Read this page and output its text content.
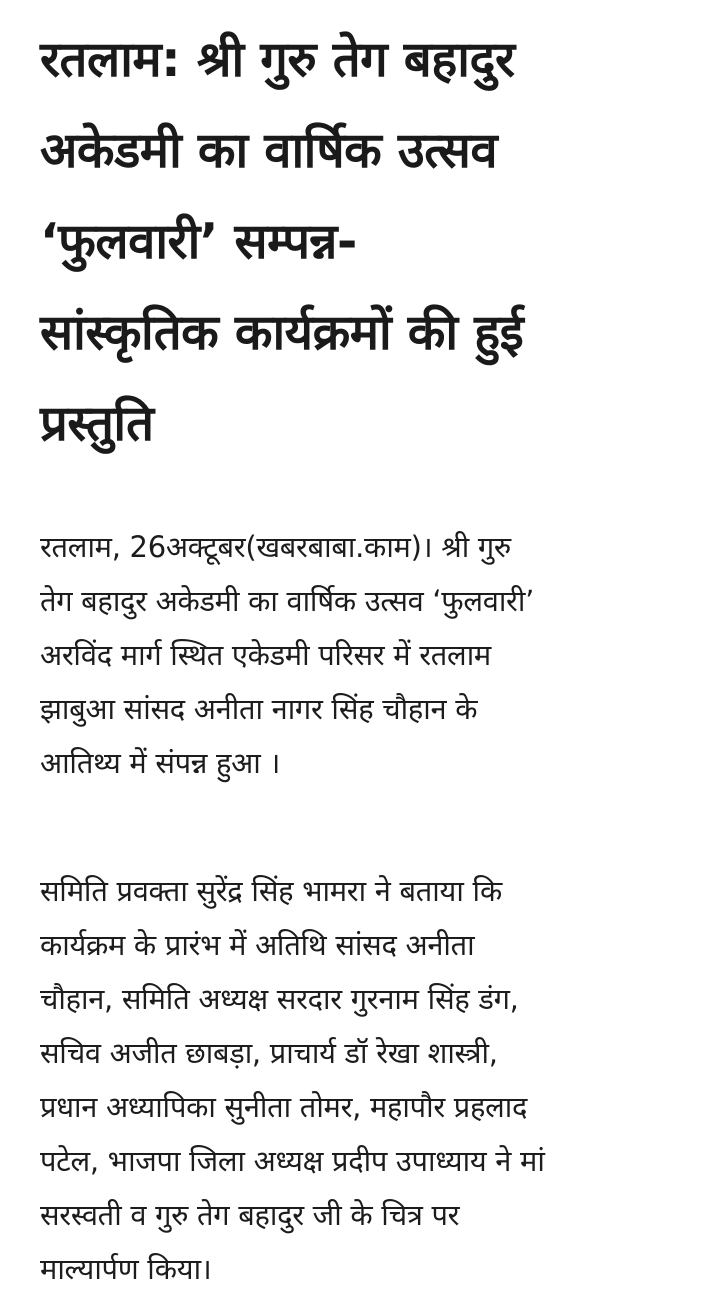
रतलाम: श्री गुरु तेग बहादुर
अकेडमी का वार्षिक उत्सव
‘फुलवारी’ सम्पन्न-
सांस्कृतिक कार्यक्रमों की हुई
प्रस्तुति

रतलाम, 26अक्टूबर(खबरबाबा.काम)। श्री गुरु
तेग बहादुर अकेडमी का वार्षिक उत्सव ‘फुलवारी’
अरविंद मार्ग स्थित एकेडमी परिसर में रतलाम
झाबुआ सांसद अनीता नागर सिंह चौहान के
आतिथ्य में संपन्न हुआ ।

समिति प्रवक्ता सुरेंद्र सिंह भामरा ने बताया कि
कार्यक्रम के प्रारंभ में अतिथि सांसद अनीता
चौहान, समिति अध्यक्ष सरदार गुरनाम सिंह डंग,
सचिव अजीत छाबड़ा, प्राचार्य डॉ रेखा शास्त्री,
प्रधान अध्यापिका सुनीता तोमर, महापौर प्रहलाद
पटेल, भाजपा जिला अध्यक्ष प्रदीप उपाध्याय ने मां
सरस्वती व गुरु तेग बहादुर जी के चित्र पर
माल्यार्पण किया।
